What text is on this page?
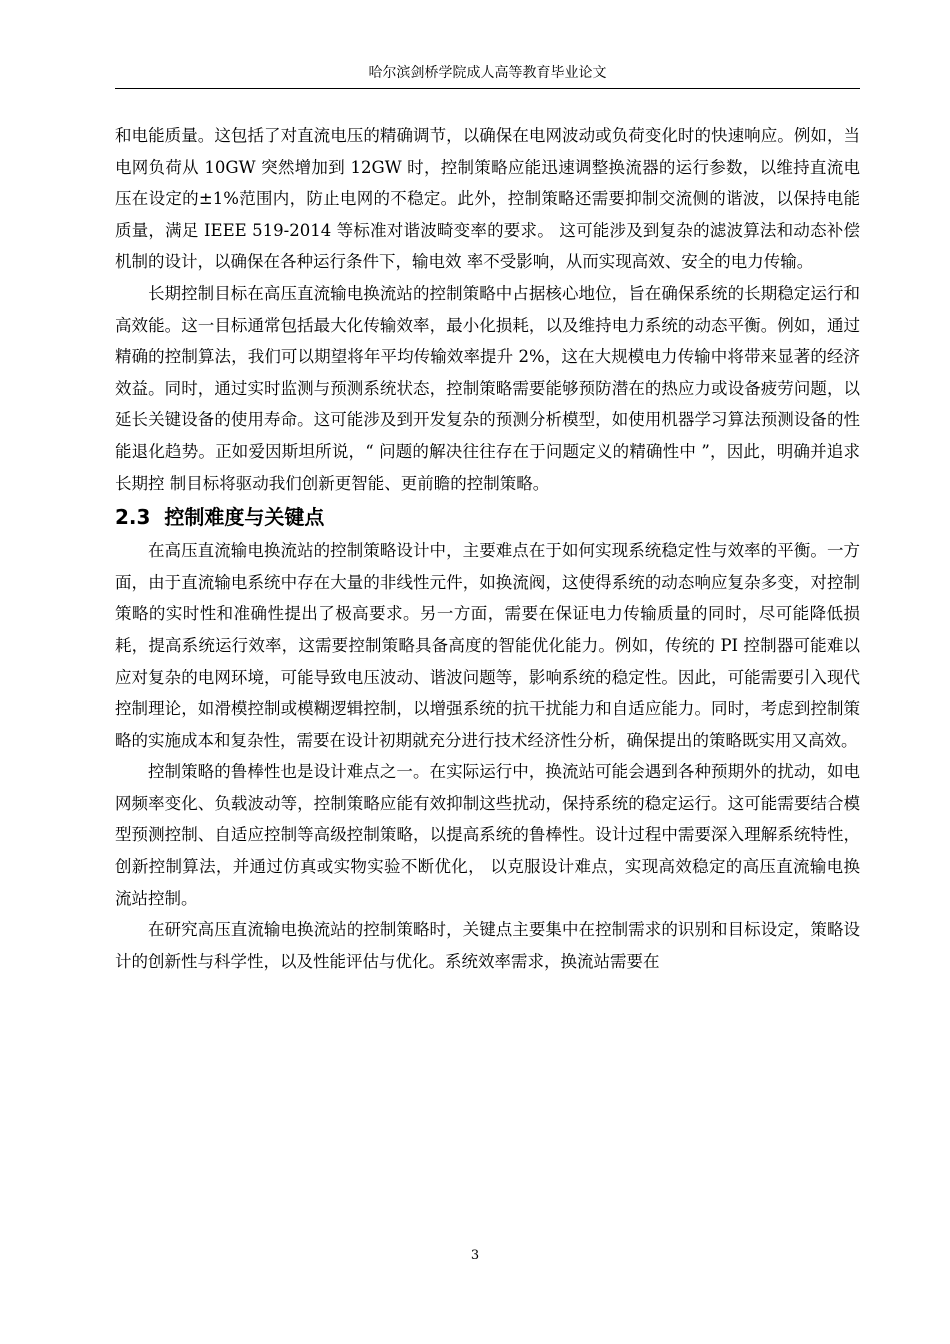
哈尔滨剑桥学院成人高等教育毕业论文

和电能质量。这包括了对直流电压的精确调节，以确保在电网波动或负荷变化时的快速响应。例如，当电网负荷从 10GW 突然增加到 12GW 时，控制策略应能迅速调整换流器的运行参数，以维持直流电压在设定的±1%范围内，防止电网的不稳定。此外，控制策略还需要抑制交流侧的谐波，以保持电能质量，满足 IEEE 519-2014 等标准对谐波畸变率的要求。 这可能涉及到复杂的滤波算法和动态补偿机制的设计，以确保在各种运行条件下，输电效 率不受影响，从而实现高效、安全的电力传输。

长期控制目标在高压直流输电换流站的控制策略中占据核心地位，旨在确保系统的长期稳定运行和高效能。这一目标通常包括最大化传输效率，最小化损耗，以及维持电力系统的动态平衡。例如，通过精确的控制算法，我们可以期望将年平均传输效率提升 2%，这在大规模电力传输中将带来显著的经济效益。同时，通过实时监测与预测系统状态，控制策略需要能够预防潜在的热应力或设备疲劳问题，以延长关键设备的使用寿命。这可能涉及到开发复杂的预测分析模型，如使用机器学习算法预测设备的性能退化趋势。正如爱因斯坦所说，“ 问题的解决往往存在于问题定义的精确性中 ”，因此，明确并追求长期控 制目标将驱动我们创新更智能、更前瞻的控制策略。

2.3 控制难度与关键点

在高压直流输电换流站的控制策略设计中，主要难点在于如何实现系统稳定性与效率的平衡。一方面，由于直流输电系统中存在大量的非线性元件，如换流阀，这使得系统的动态响应复杂多变，对控制策略的实时性和准确性提出了极高要求。另一方面，需要在保证电力传输质量的同时，尽可能降低损耗，提高系统运行效率，这需要控制策略具备高度的智能优化能力。例如，传统的 PI 控制器可能难以应对复杂的电网环境，可能导致电压波动、谐波问题等，影响系统的稳定性。因此，可能需要引入现代控制理论，如滑模控制或模糊逻辑控制，以增强系统的抗干扰能力和自适应能力。同时，考虑到控制策略的实施成本和复杂性，需要在设计初期就充分进行技术经济性分析，确保提出的策略既实用又高效。

控制策略的鲁棒性也是设计难点之一。在实际运行中，换流站可能会遇到各种预期外的扰动，如电网频率变化、负载波动等，控制策略应能有效抑制这些扰动，保持系统的稳定运行。这可能需要结合模型预测控制、自适应控制等高级控制策略，以提高系统的鲁棒性。设计过程中需要深入理解系统特性，创新控制算法，并通过仿真或实物实验不断优化， 以克服设计难点，实现高效稳定的高压直流输电换流站控制。

在研究高压直流输电换流站的控制策略时，关键点主要集中在控制需求的识别和目标设定，策略设计的创新性与科学性，以及性能评估与优化。系统效率需求，换流站需要在

3
